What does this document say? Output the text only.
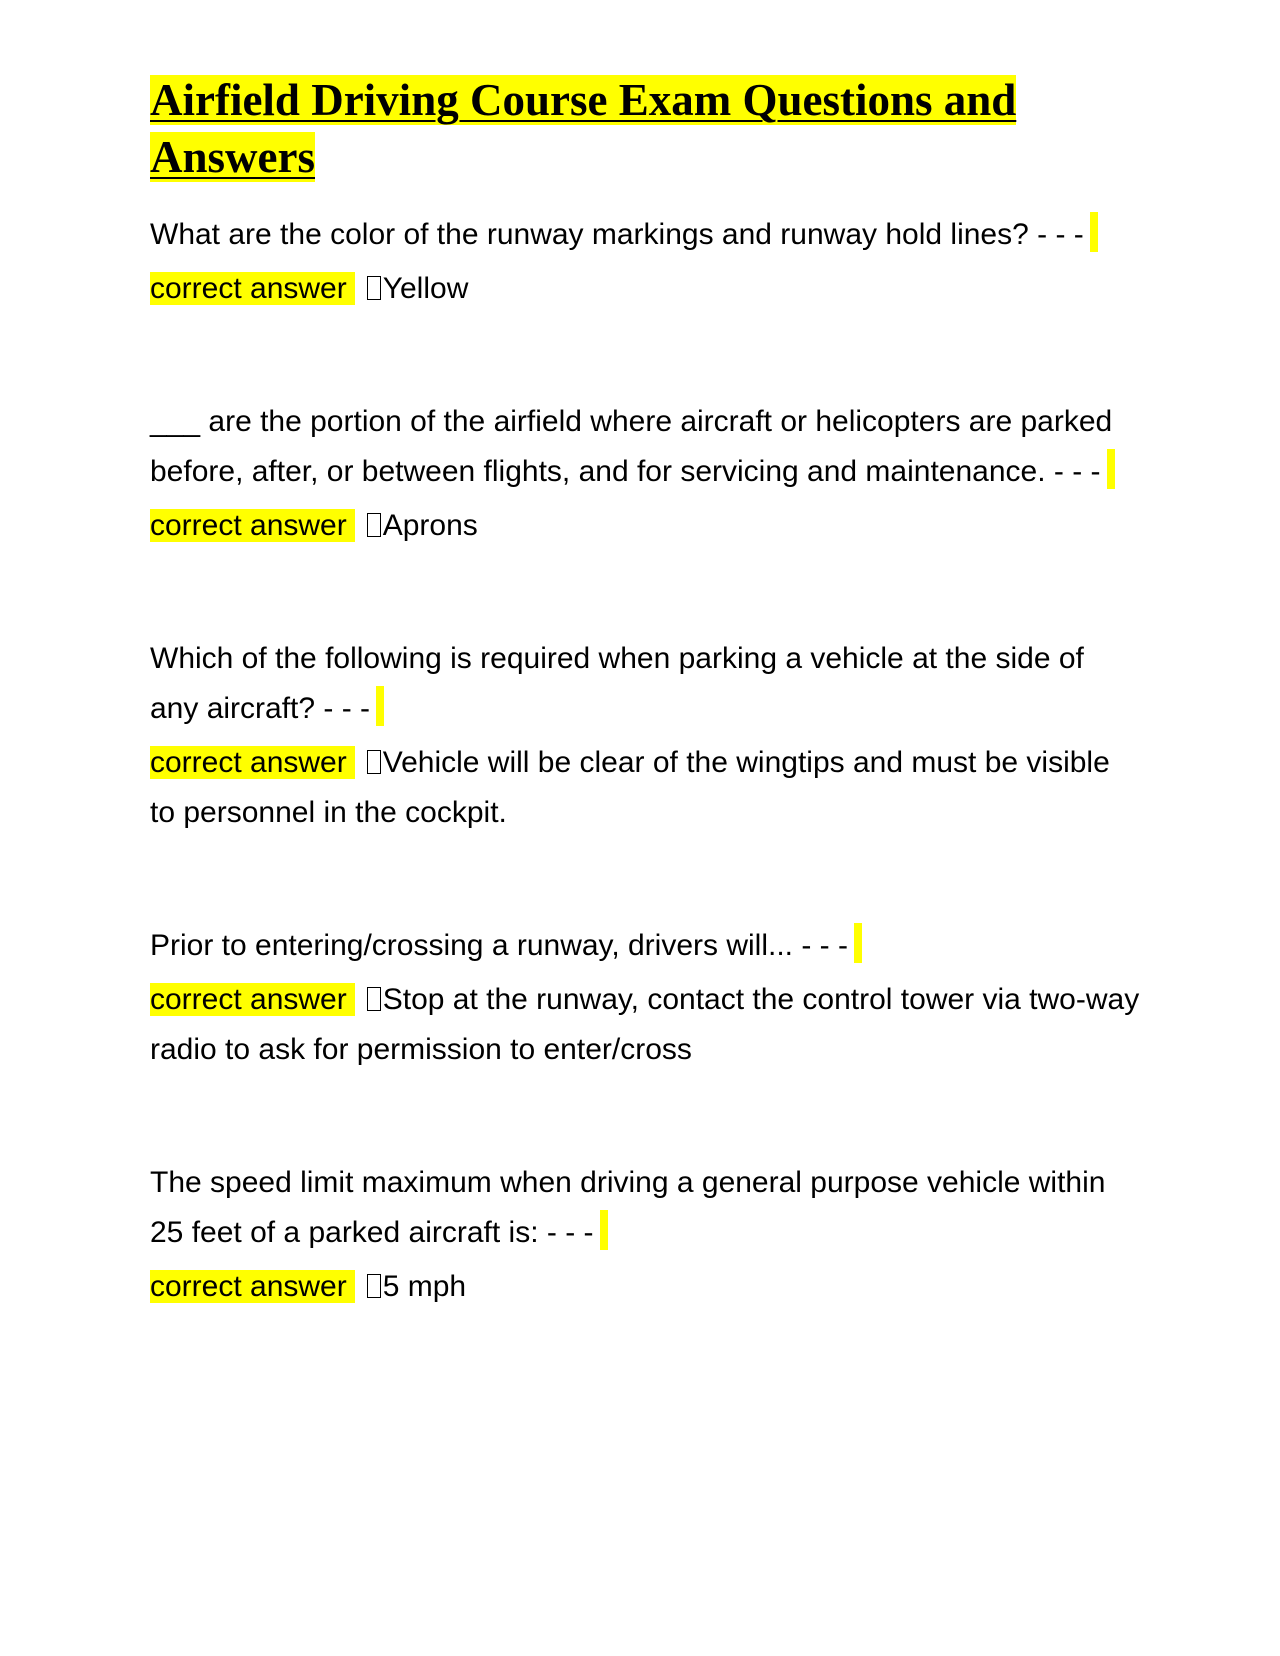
Airfield Driving Course Exam Questions and Answers

What are the color of the runway markings and runway hold lines? - - -

correct answer Yellow

___ are the portion of the airfield where aircraft or helicopters are parked before, after, or between flights, and for servicing and maintenance. - - -

correct answer Aprons

Which of the following is required when parking a vehicle at the side of any aircraft? - - -

correct answer Vehicle will be clear of the wingtips and must be visible to personnel in the cockpit.

Prior to entering/crossing a runway, drivers will... - - -

correct answer Stop at the runway, contact the control tower via two-way radio to ask for permission to enter/cross

The speed limit maximum when driving a general purpose vehicle within 25 feet of a parked aircraft is: - - -

correct answer 5 mph
